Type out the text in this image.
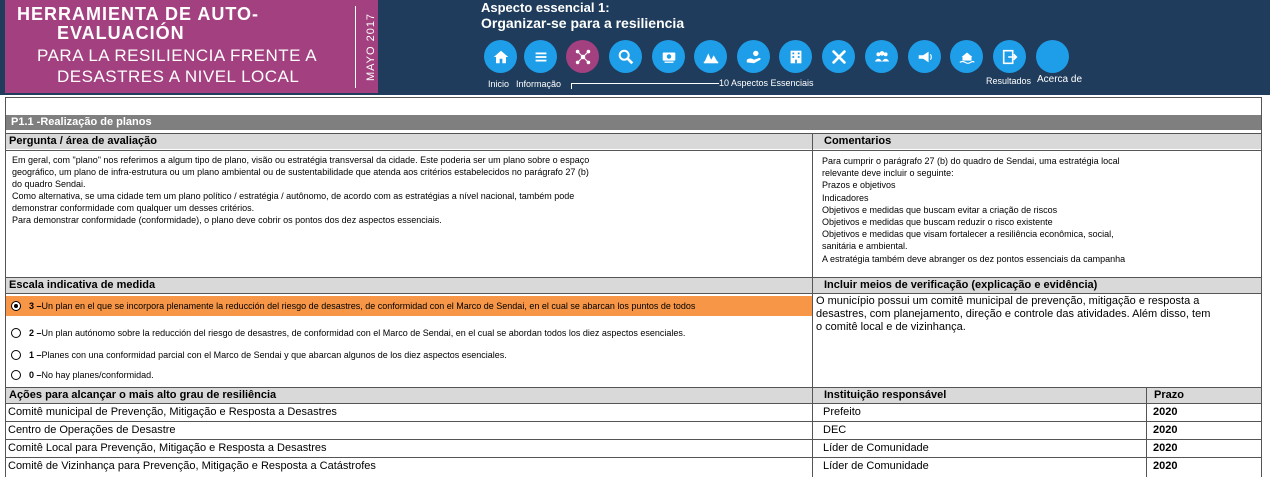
HERRAMIENTA DE AUTO-
EVALUACIÓN
PARA LA RESILIENCIA FRENTE A
DESASTRES A NIVEL LOCAL	MAYO 2017
Aspecto essencial 1:
Organizar-se para a resiliencia
Inicio Informação	10 Aspectos Essenciais	Resultados Acerca de
P1.1 -Realização de planos
Pergunta / área de avaliação	Comentarios
Em geral, com "plano" nos referimos a algum tipo de plano, visão ou estratégia transversal da cidade. Este poderia ser um plano sobre o espaço
geográfico, um plano de infra-estrutura ou um plano ambiental ou de sustentabilidade que atenda aos critérios estabelecidos no parágrafo 27 (b)
do quadro Sendai.
Como alternativa, se uma cidade tem um plano político / estratégia / autônomo, de acordo com as estratégias a nível nacional, também pode
demonstrar conformidade com qualquer um desses critérios.
Para demonstrar conformidade (conformidade), o plano deve cobrir os pontos dos dez aspectos essenciais.
Para cumprir o parágrafo 27 (b) do quadro de Sendai, uma estratégia local
relevante deve incluir o seguinte:
Prazos e objetivos
Indicadores
Objetivos e medidas que buscam evitar a criação de riscos
Objetivos e medidas que buscam reduzir o risco existente
Objetivos e medidas que visam fortalecer a resiliência econômica, social,
sanitária e ambiental.
A estratégia também deve abranger os dez pontos essenciais da campanha
Escala indicativa de medida	Incluir meios de verificação (explicação e evidência)
3 – Un plan en el que se incorpora plenamente la reducción del riesgo de desastres, de conformidad con el Marco de Sendai, en el cual se abarcan los puntos de todos
2 – Un plan autónomo sobre la reducción del riesgo de desastres, de conformidad con el Marco de Sendai, en el cual se abordan todos los diez aspectos esenciales.
1 – Planes con una conformidad parcial con el Marco de Sendai y que abarcan algunos de los diez aspectos esenciales.
0 – No hay planes/conformidad.
O município possui um comitê municipal de prevenção, mitigação e resposta a
desastres, com planejamento, direção e controle das atividades. Além disso, tem
o comitê local e de vizinhança.
Ações para alcançar o mais alto grau de resiliência	Instituição responsável	Prazo
Comitê municipal de Prevenção, Mitigação e Resposta a Desastres	Prefeito	2020
Centro de Operações de Desastre	DEC	2020
Comitê Local para Prevenção, Mitigação e Resposta a Desastres	Líder de Comunidade	2020
Comitê de Vizinhança para Prevenção, Mitigação e Resposta a Catástrofes	Líder de Comunidade	2020
